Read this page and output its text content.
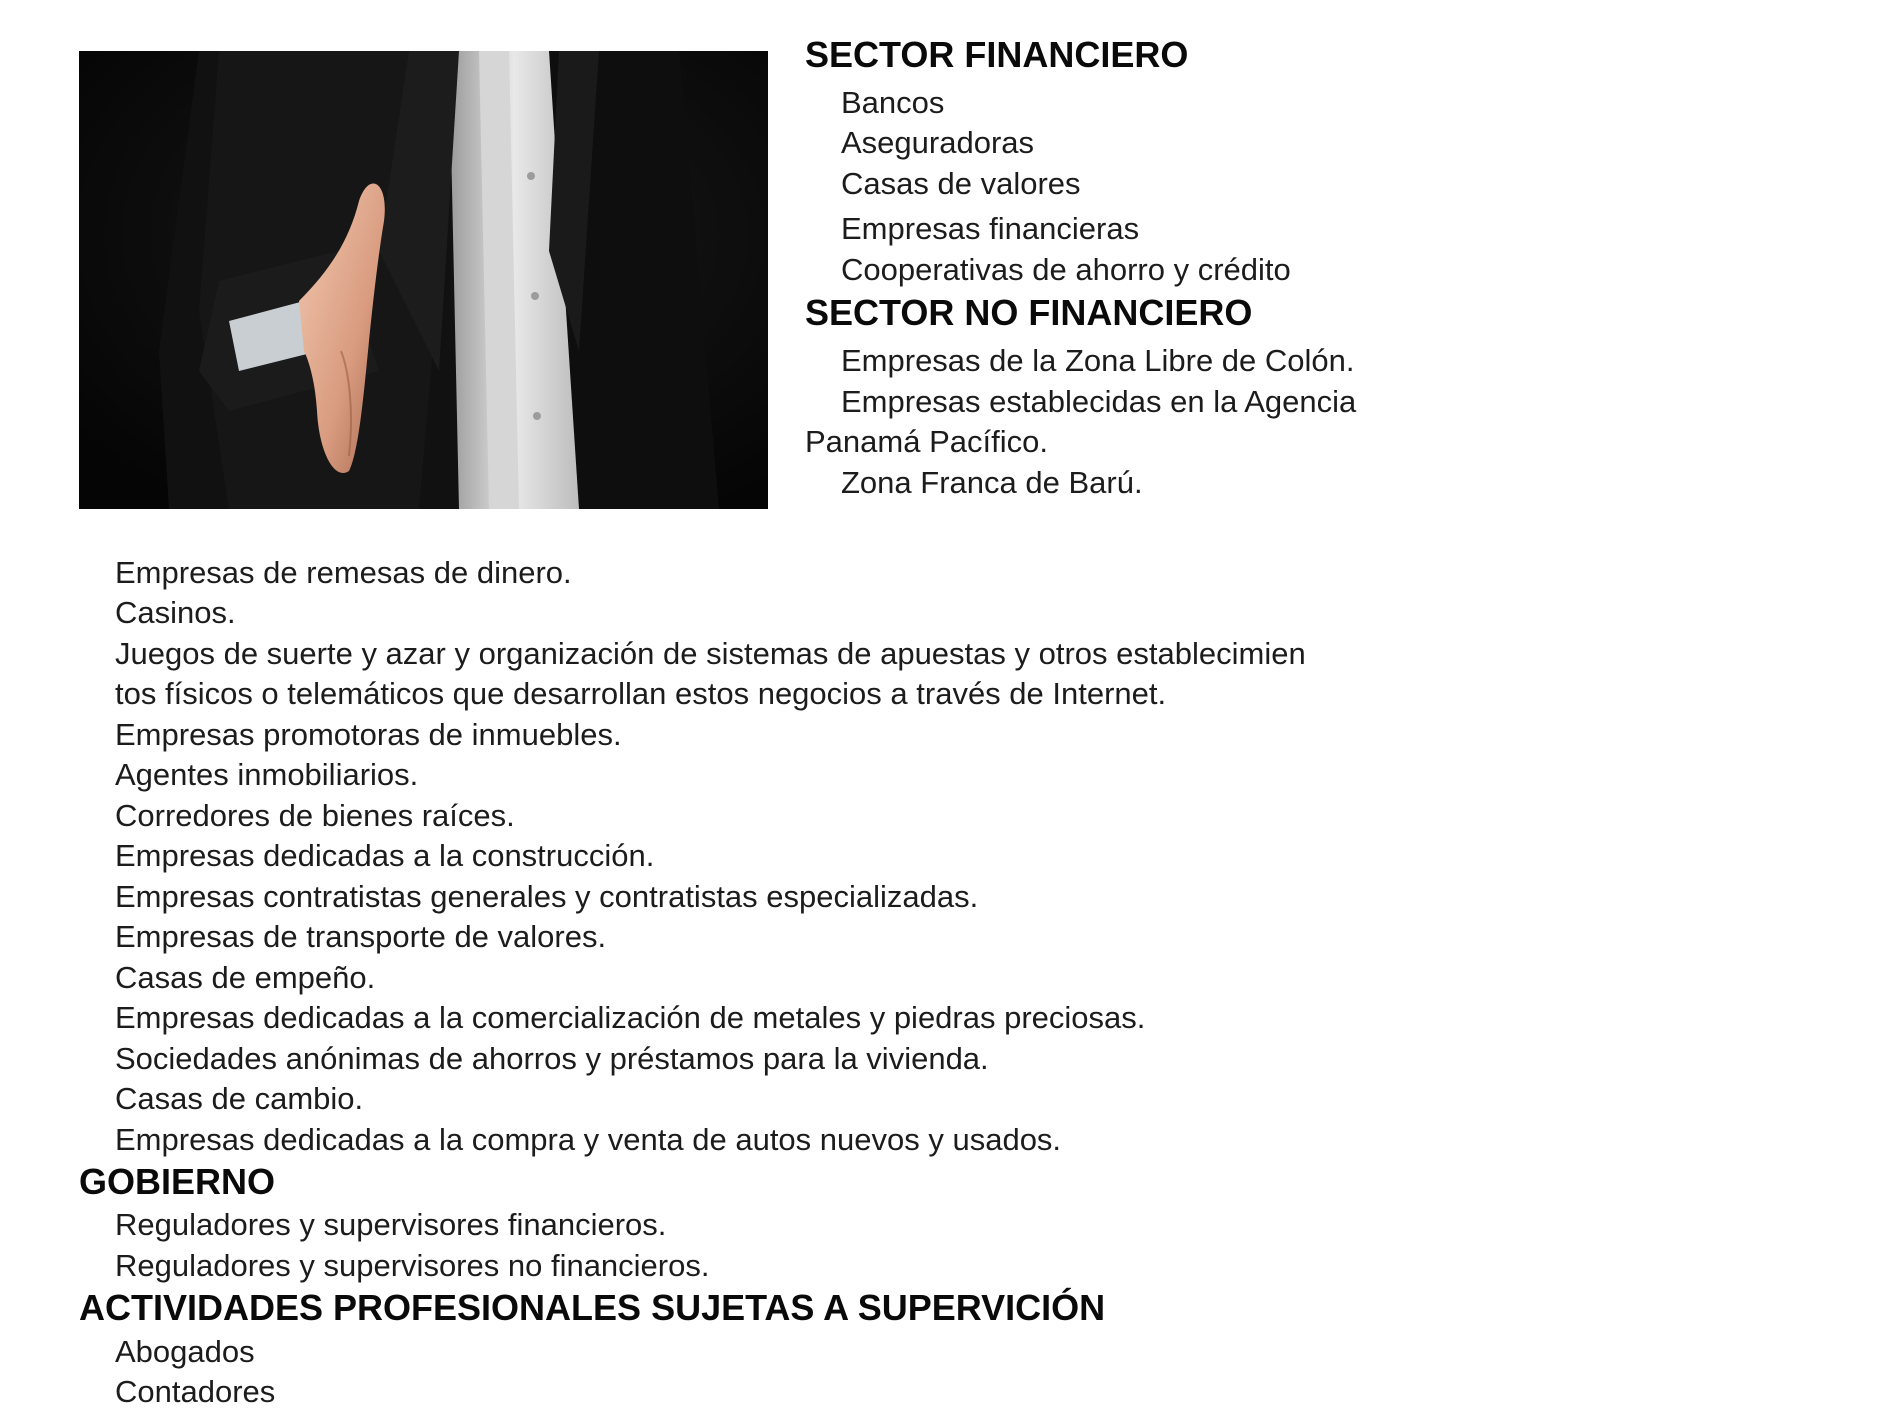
SECTOR FINANCIERO
Bancos
Aseguradoras
Casas de valores
Empresas financieras
Cooperativas de ahorro y crédito
SECTOR NO FINANCIERO
Empresas de la Zona Libre de Colón.
Empresas establecidas en la Agencia
Panamá Pacífico.
Zona Franca de Barú.
Empresas de remesas de dinero.
Casinos.
Juegos de suerte y azar y organización de sistemas de apuestas y otros establecimien
tos físicos o telemáticos que desarrollan estos negocios a través de Internet.
Empresas promotoras de inmuebles.
Agentes inmobiliarios.
Corredores de bienes raíces.
Empresas dedicadas a la construcción.
Empresas contratistas generales y contratistas especializadas.
Empresas de transporte de valores.
Casas de empeño.
Empresas dedicadas a la comercialización de metales y piedras preciosas.
Sociedades anónimas de ahorros y préstamos para la vivienda.
Casas de cambio.
Empresas dedicadas a la compra y venta de autos nuevos y usados.
GOBIERNO
Reguladores y supervisores financieros.
Reguladores y supervisores no financieros.
ACTIVIDADES PROFESIONALES SUJETAS A SUPERVICIÓN
Abogados
Contadores
